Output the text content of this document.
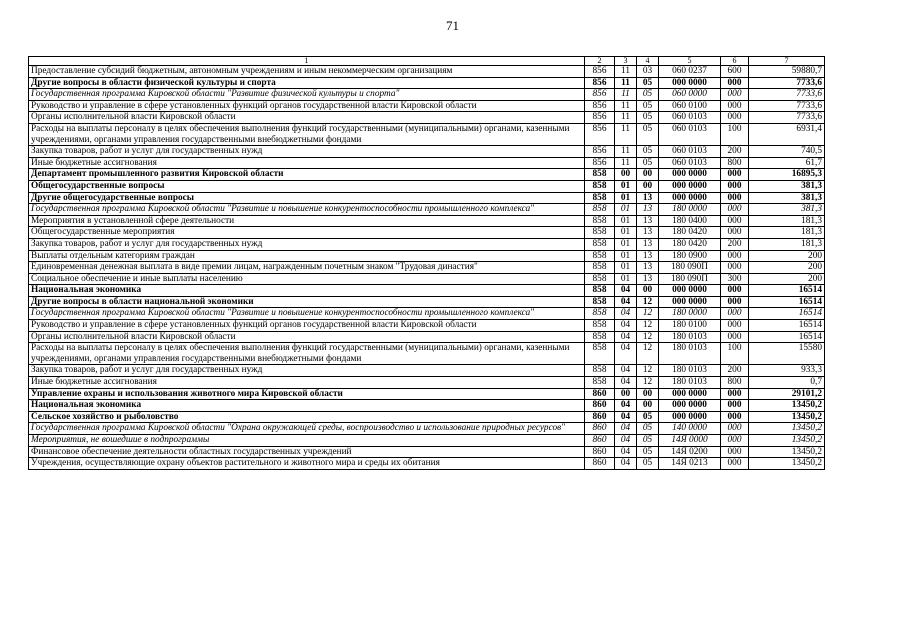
71
1	2	3	4	5	6	7
Предоставление субсидий бюджетным, автономным учреждениям и иным некоммерческим организациям	856	11	03	060 0237	600	59880,7
Другие вопросы в области физической культуры и спорта	856	11	05	000 0000	000	7733,6
Государственная программа Кировской области "Развитие физической культуры и спорта"	856	11	05	060 0000	000	7733,6
Руководство и управление в сфере установленных функций органов государственной власти Кировской области	856	11	05	060 0100	000	7733,6
Органы исполнительной власти Кировской области	856	11	05	060 0103	000	7733,6
Расходы на выплаты персоналу в целях обеспечения выполнения функций государственными (муниципальными) органами, казенными учреждениями, органами управления государственными внебюджетными фондами	856	11	05	060 0103	100	6931,4
Закупка товаров, работ и услуг для государственных нужд	856	11	05	060 0103	200	740,5
Иные бюджетные ассигнования	856	11	05	060 0103	800	61,7
Департамент промышленного развития Кировской области	858	00	00	000 0000	000	16895,3
Общегосударственные вопросы	858	01	00	000 0000	000	381,3
Другие общегосударственные вопросы	858	01	13	000 0000	000	381,3
Государственная программа Кировской области "Развитие и повышение конкурентоспособности промышленного комплекса"	858	01	13	180 0000	000	381,3
Мероприятия в установленной сфере деятельности	858	01	13	180 0400	000	181,3
Общегосударственные мероприятия	858	01	13	180 0420	000	181,3
Закупка товаров, работ и услуг для государственных нужд	858	01	13	180 0420	200	181,3
Выплаты отдельным категориям граждан	858	01	13	180 0900	000	200
Единовременная денежная выплата в виде премии лицам, награжденным почетным знаком "Трудовая династия"	858	01	13	180 090П	000	200
Социальное обеспечение и иные выплаты населению	858	01	13	180 090П	300	200
Национальная экономика	858	04	00	000 0000	000	16514
Другие вопросы в области национальной экономики	858	04	12	000 0000	000	16514
Государственная программа Кировской области "Развитие и повышение конкурентоспособности промышленного комплекса"	858	04	12	180 0000	000	16514
Руководство и управление в сфере установленных функций органов государственной власти Кировской области	858	04	12	180 0100	000	16514
Органы исполнительной власти Кировской области	858	04	12	180 0103	000	16514
Расходы на выплаты персоналу в целях обеспечения выполнения функций государственными (муниципальными) органами, казенными учреждениями, органами управления государственными внебюджетными фондами	858	04	12	180 0103	100	15580
Закупка товаров, работ и услуг для государственных нужд	858	04	12	180 0103	200	933,3
Иные бюджетные ассигнования	858	04	12	180 0103	800	0,7
Управление охраны и использования животного мира Кировской области	860	00	00	000 0000	000	29101,2
Национальная экономика	860	04	00	000 0000	000	13450,2
Сельское хозяйство и рыболовство	860	04	05	000 0000	000	13450,2
Государственная программа Кировской области "Охрана окружающей среды, воспроизводство и использование природных ресурсов"	860	04	05	140 0000	000	13450,2
Мероприятия, не вошедшие в подпрограммы	860	04	05	14Я 0000	000	13450,2
Финансовое обеспечение деятельности областных государственных учреждений	860	04	05	14Я 0200	000	13450,2
Учреждения, осуществляющие охрану объектов растительного и животного мира и среды их обитания	860	04	05	14Я 0213	000	13450,2
